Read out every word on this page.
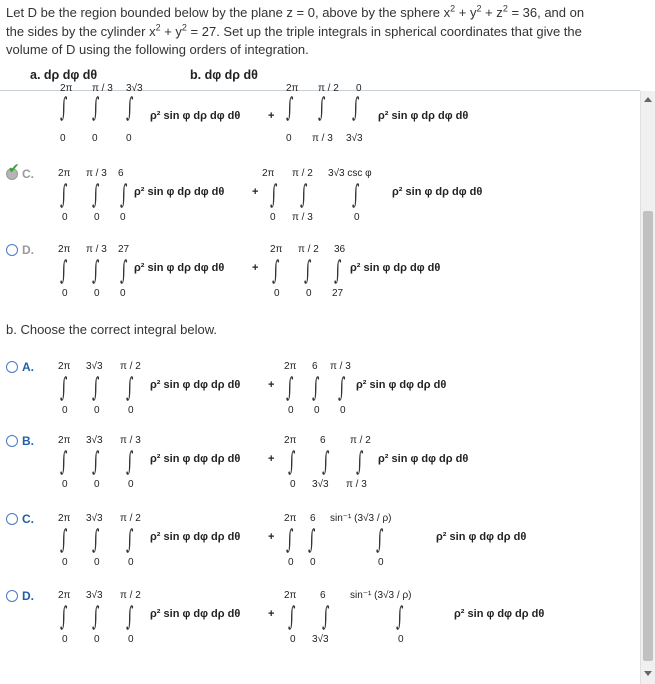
Let D be the region bounded below by the plane z = 0, above by the sphere $x^2 + y^2 + z^2 = 36$, and on
the sides by the cylinder $x^2 + y^2 = 27$. Set up the triple integrals in spherical coordinates that give the
volume of D using the following orders of integration.
a. dρ dφ dθ	b. dφ dρ dθ
2π π / 3 3√3
∫ ∫ ∫ ρ² sin φ dρ dφ dθ	+
2π π / 2 0
∫ ∫ ∫ ρ² sin φ dρ dφ dθ
0	0	0	0 π / 3 3√3
✔ C. 2π π / 3 6
∫ ∫ ∫ ρ² sin φ dρ dφ dθ	+
2π π / 2 3√3 csc φ
∫ ∫ ∫	ρ² sin φ dρ dφ dθ
0	0 0	0 π / 3	0
D. 2π π / 3 27
∫ ∫ ∫ ρ² sin φ dρ dφ dθ	+
2π π / 2 36
∫ ∫ ∫ ρ² sin φ dρ dφ dθ
0	0 0	0	0 27
b. Choose the correct integral below.
A. 2π 3√3 π / 2
∫ ∫ ∫ ρ² sin φ dφ dρ dθ	+
2π 6 π / 3
∫ ∫ ∫ ρ² sin φ dφ dρ dθ
0	0	0	0 0 0
B. 2π 3√3 π / 3
∫ ∫ ∫ ρ² sin φ dφ dρ dθ	+
2π 6 π / 2
∫ ∫ ∫ ρ² sin φ dφ dρ dθ
0	0	0	0 3√3 π / 3
C. 2π 3√3 π / 2
∫ ∫ ∫ ρ² sin φ dφ dρ dθ	+
2π 6 sin⁻¹ (3√3 / ρ)
∫ ∫ ∫	ρ² sin φ dφ dρ dθ
0	0	0	0 0	0
D. 2π 3√3 π / 2
∫ ∫ ∫ ρ² sin φ dφ dρ dθ	+
2π 6 sin⁻¹ (3√3 / ρ)
∫ ∫	∫	ρ² sin φ dφ dρ dθ
0	0	0	0 3√3	0
